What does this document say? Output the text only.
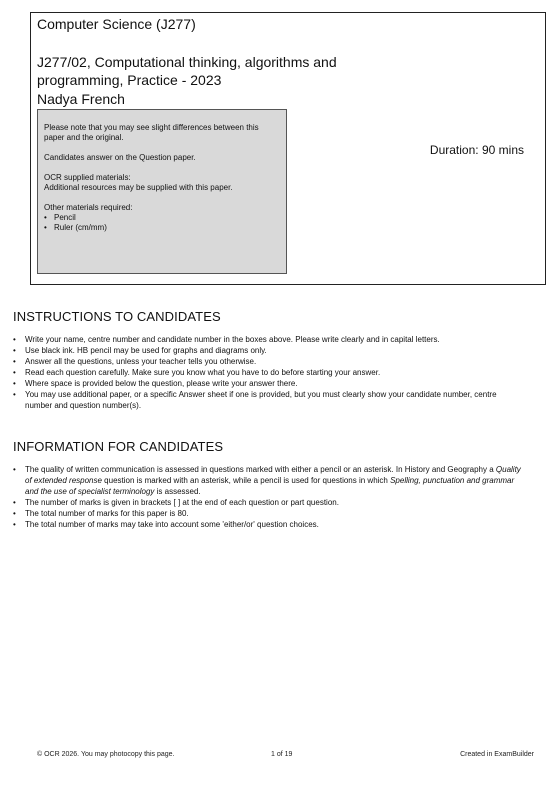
Computer Science (J277)
J277/02, Computational thinking, algorithms and programming, Practice - 2023
Nadya French

Please note that you may see slight differences between this paper and the original.

Candidates answer on the Question paper.

OCR supplied materials:
Additional resources may be supplied with this paper.

Other materials required:
• Pencil
• Ruler (cm/mm)
Duration: 90 mins
INSTRUCTIONS TO CANDIDATES
• Write your name, centre number and candidate number in the boxes above. Please write clearly and in capital letters.
• Use black ink. HB pencil may be used for graphs and diagrams only.
• Answer all the questions, unless your teacher tells you otherwise.
• Read each question carefully. Make sure you know what you have to do before starting your answer.
• Where space is provided below the question, please write your answer there.
• You may use additional paper, or a specific Answer sheet if one is provided, but you must clearly show your candidate number, centre number and question number(s).
INFORMATION FOR CANDIDATES
• The quality of written communication is assessed in questions marked with either a pencil or an asterisk. In History and Geography a Quality of extended response question is marked with an asterisk, while a pencil is used for questions in which Spelling, punctuation and grammar and the use of specialist terminology is assessed.
• The number of marks is given in brackets [ ] at the end of each question or part question.
• The total number of marks for this paper is 80.
• The total number of marks may take into account some 'either/or' question choices.
© OCR 2026. You may photocopy this page.	1 of 19	Created in ExamBuilder
